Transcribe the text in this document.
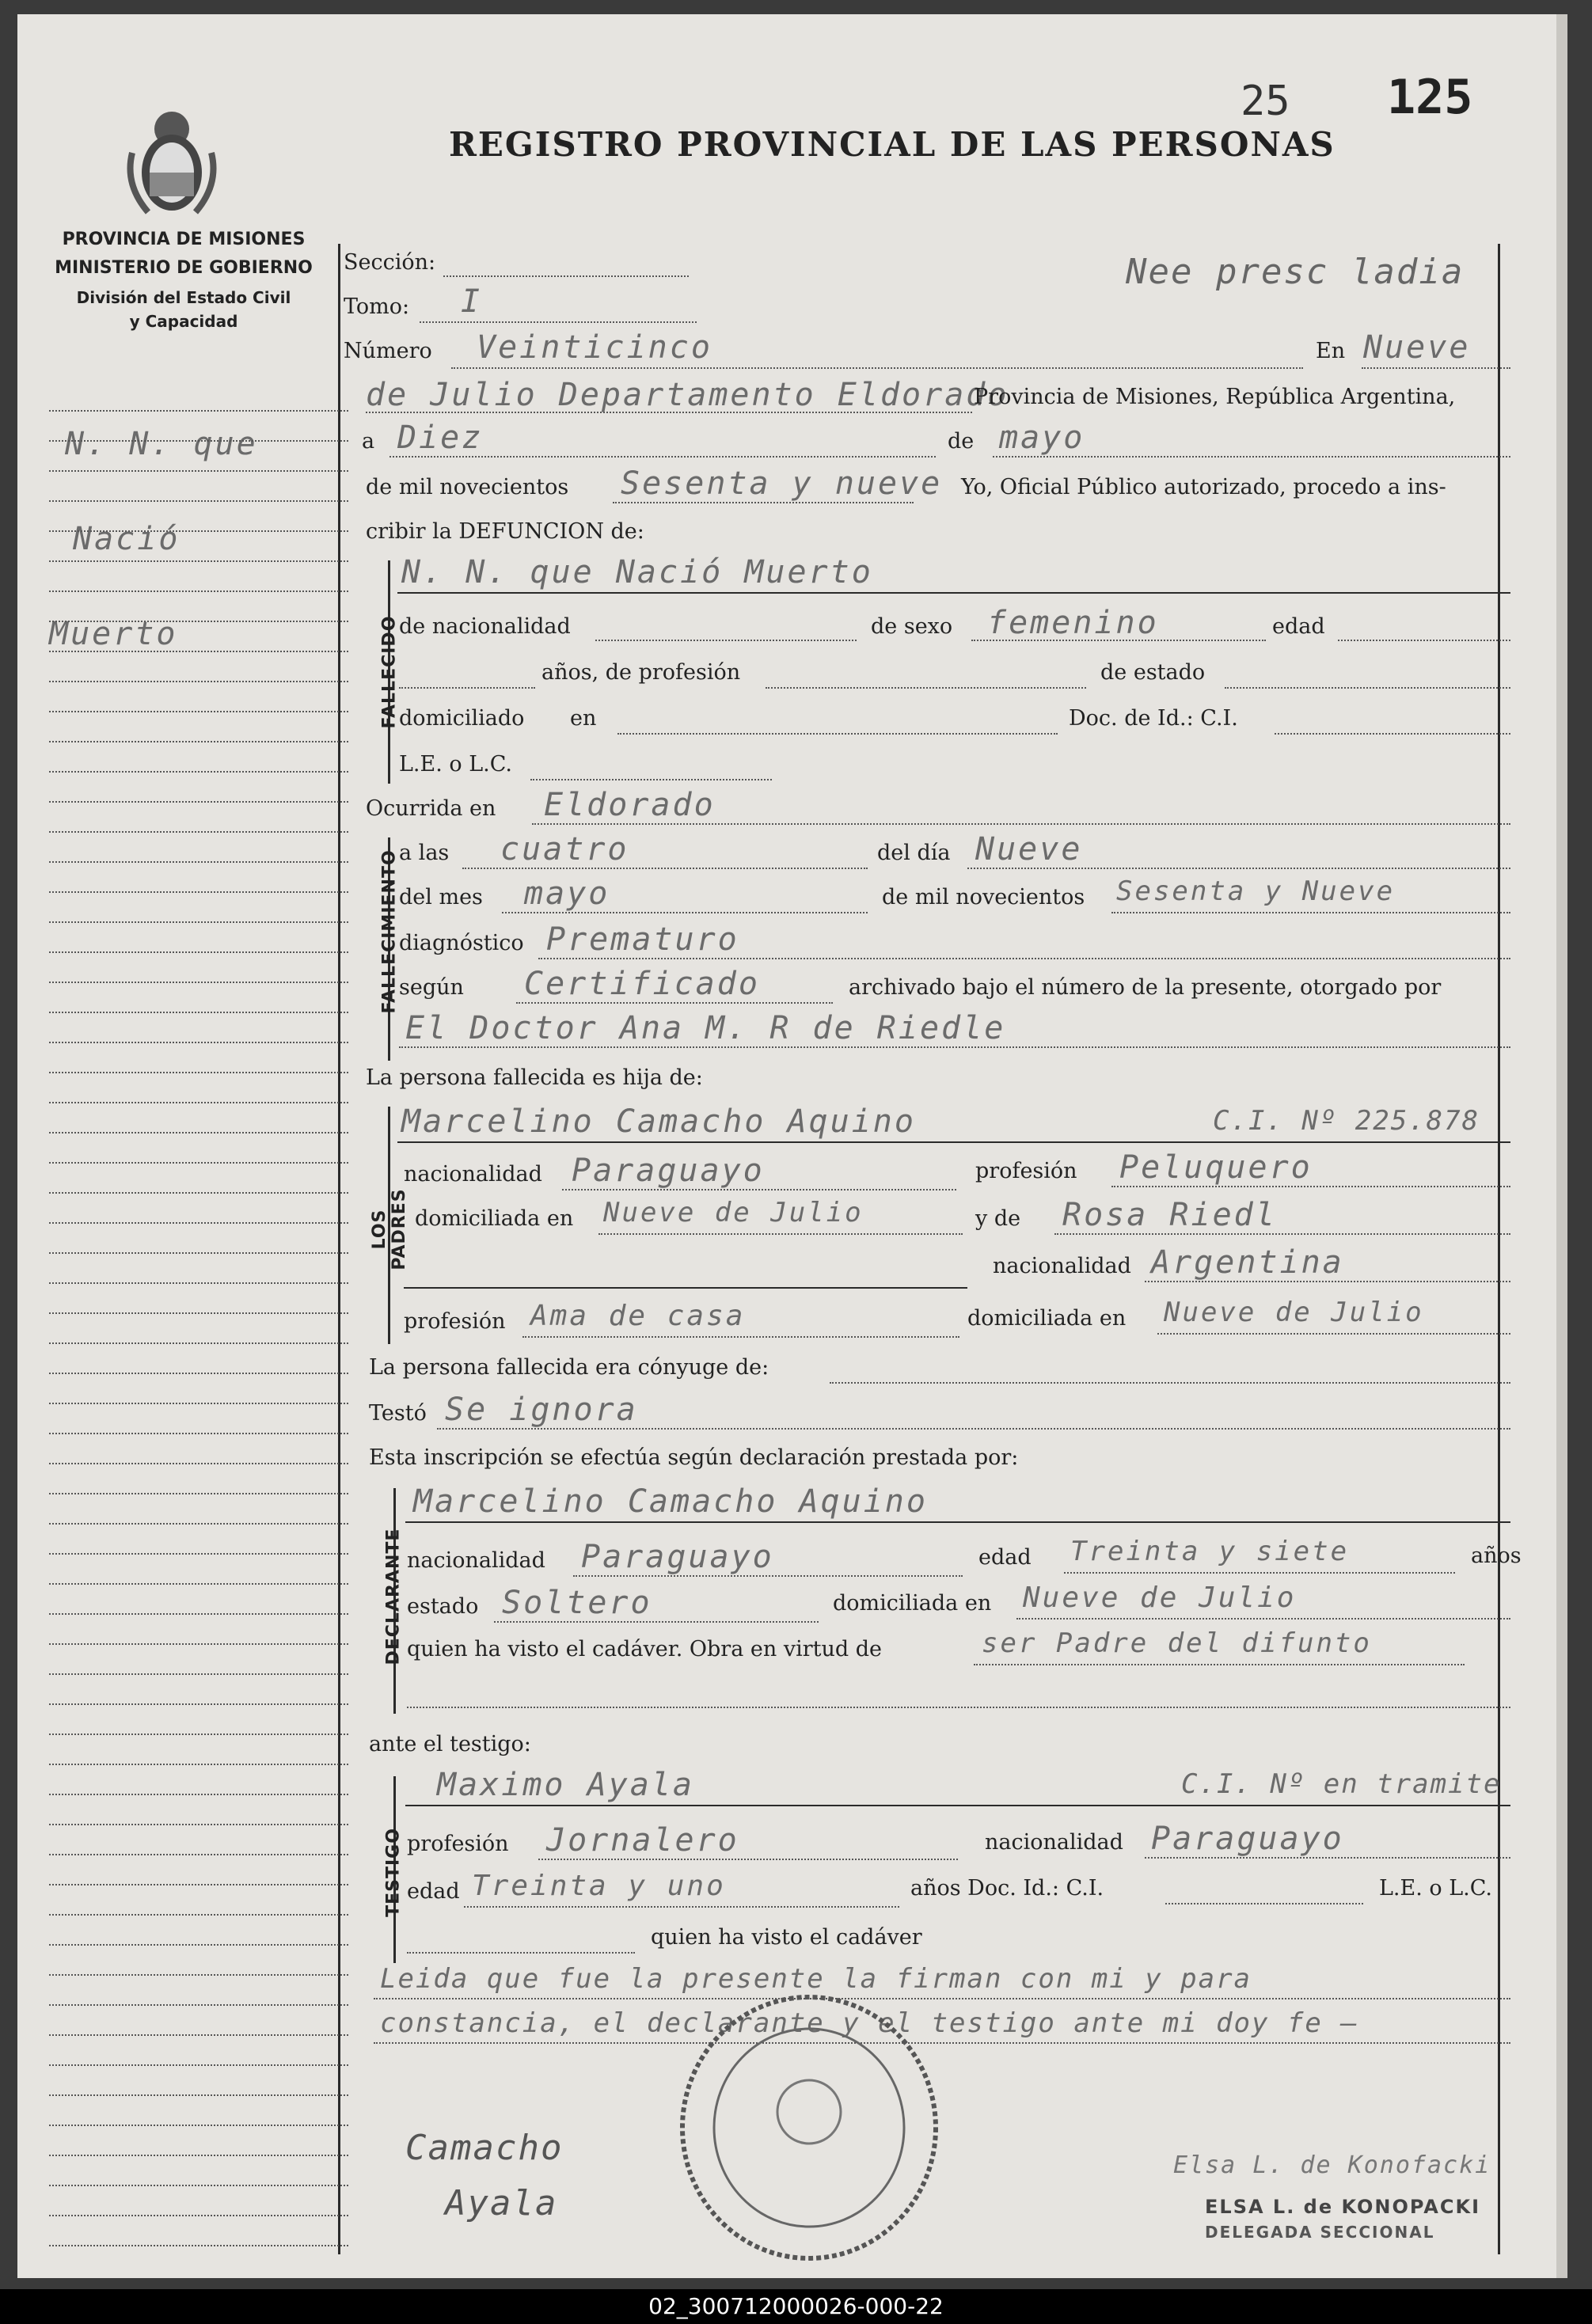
PROVINCIA DE MISIONES
MINISTERIO DE GOBIERNO
División del Estado Civil
y Capacidad
REGISTRO PROVINCIAL DE LAS PERSONAS
25 125
Nee presc ladia
N. N. que
Nació
Muerto
Sección:
Tomo: I
Número Veinticinco	En Nueve
de Julio Departamento Eldorado
Provincia de Misiones, República Argentina,
a Diez	de mayo
de mil novecientos Sesenta y nueve Yo, Oficial Público autorizado, procedo a ins-
cribir la DEFUNCION de:
FALLECIDO
N. N. que Nació Muerto
de nacionalidad	de sexo femenino	edad
años, de profesión	de estado
domiciliado en	Doc. de Id.: C.I.
L.E. o L.C.
Ocurrida en Eldorado
FALLECIMIENTO a las cuatro	del día Nueve
del mes mayo	de mil novecientos Sesenta y Nueve
diagnóstico Prematuro
según Certificado	archivado bajo el número de la presente, otorgado por
El Doctor Ana M. R de Riedle
La persona fallecida es hija de:
LOS PADRES
Marcelino Camacho Aquino	C.I. Nº 225.878
nacionalidad Paraguayo	profesión Peluquero
domiciliada en Nueve de Julio	y de Rosa Riedl
nacionalidad Argentina
profesión Ama de casa	domiciliada en Nueve de Julio
La persona fallecida era cónyuge de:
Testó Se ignora
Esta inscripción se efectúa según declaración prestada por:
DECLARANTE
Marcelino Camacho Aquino
nacionalidad Paraguayo	edad Treinta y siete	años
estado Soltero	domiciliada en Nueve de Julio
quien ha visto el cadáver. Obra en virtud de	ser Padre del difunto
ante el testigo:
TESTIGO
Maximo Ayala	C.I. Nº en tramite
profesión Jornalero	nacionalidad Paraguayo
edad Treinta y uno	años Doc. Id.: C.I.	L.E. o L.C.
quien ha visto el cadáver
Leida que fue la presente la firman con mi y para
constancia, el declarante y el testigo ante mi doy fe —
Camacho
Ayala
Elsa L. de Konofacki
ELSA L. de KONOPACKI
DELEGADA SECCIONAL
02_300712000026-000-22
